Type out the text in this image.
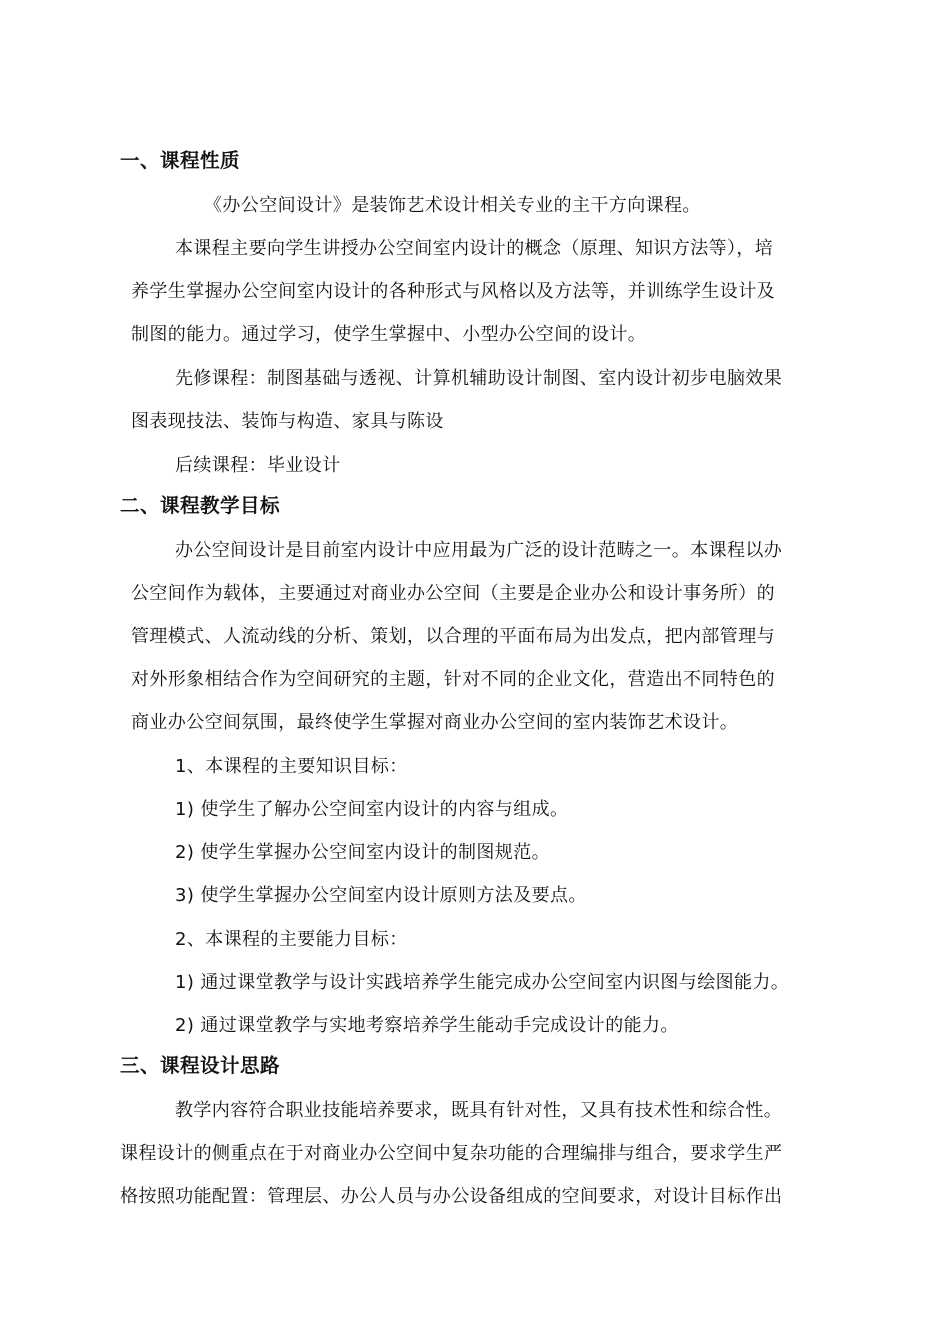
一、课程性质
《办公空间设计》是装饰艺术设计相关专业的主干方向课程。
本课程主要向学生讲授办公空间室内设计的概念（原理、知识方法等），培
养学生掌握办公空间室内设计的各种形式与风格以及方法等，并训练学生设计及
制图的能力。通过学习，使学生掌握中、小型办公空间的设计。
先修课程：制图基础与透视、计算机辅助设计制图、室内设计初步电脑效果
图表现技法、装饰与构造、家具与陈设
后续课程：毕业设计
二、课程教学目标
办公空间设计是目前室内设计中应用最为广泛的设计范畴之一。本课程以办
公空间作为载体，主要通过对商业办公空间（主要是企业办公和设计事务所）的
管理模式、人流动线的分析、策划，以合理的平面布局为出发点，把内部管理与
对外形象相结合作为空间研究的主题，针对不同的企业文化，营造出不同特色的
商业办公空间氛围，最终使学生掌握对商业办公空间的室内装饰艺术设计。
1、本课程的主要知识目标：
1) 使学生了解办公空间室内设计的内容与组成。
2) 使学生掌握办公空间室内设计的制图规范。
3) 使学生掌握办公空间室内设计原则方法及要点。
2、本课程的主要能力目标：
1) 通过课堂教学与设计实践培养学生能完成办公空间室内识图与绘图能力。
2) 通过课堂教学与实地考察培养学生能动手完成设计的能力。
三、课程设计思路
教学内容符合职业技能培养要求，既具有针对性，又具有技术性和综合性。
课程设计的侧重点在于对商业办公空间中复杂功能的合理编排与组合，要求学生严
格按照功能配置：管理层、办公人员与办公设备组成的空间要求，对设计目标作出
